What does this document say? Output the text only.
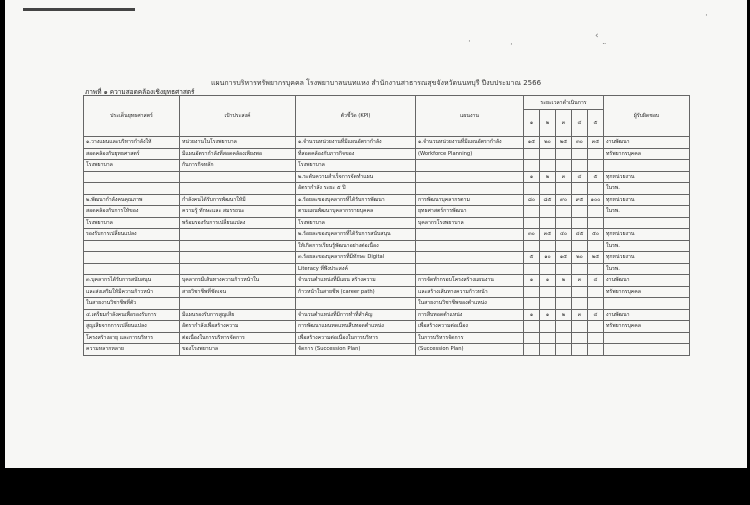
·	·
‹
¨
·
แผนการบริหารทรัพยากรบุคคล โรงพยาบาลนนทแหง สำนักงานสาธารณสุขจังหวัดนนทบุรี ปีงบประมาณ 2566
ภาพที่ ๑ ความสอดคล้องเชิงยุทธศาสตร์
ประเด็นยุทธศาสตร์	เป้าประสงค์	ตัวชี้วัด (KPI)	แผนงาน	ระยะเวลาดำเนินการ					ผู้รับผิดชอบ
				๑	๒	๓	๔	๕	
๑.วางแผนและบริหารกำลังให้	หน่วยงานในโรงพยาบาล	๑.จำนวนหน่วยงานที่มีแผนอัตรากำลัง	๑.จำนวนหน่วยงานที่มีแผนอัตรากำลัง	๑๕	๒๐	๒๕	๓๐	๓๕	งานพัฒนา
สอดคล้องกับยุทธศาสตร์	มีแผนอัตรากำลังที่สอดคล้องเพียงพอ	ที่สอดคล้องกับภารกิจของ	(Workforce Planning)						ทรัพยากรบุคคล
โรงพยาบาล	กับภารกิจหลัก	โรงพยาบาล							
		๒.ระดับความสำเร็จการจัดทำแผน		๑	๒	๓	๔	๕	ทุกหน่วยงาน
		อัตรากำลัง ระยะ ๕ ปี							ในรพ.
๒.พัฒนากำลังคนคุณภาพ	กำลังคนได้รับการพัฒนาให้มี	๑.ร้อยละของบุคลากรที่ได้รับการพัฒนา	การพัฒนาบุคลากรตาม	๘๐	๘๕	๙๐	๙๕	๑๐๐	ทุกหน่วยงาน
สอดคล้องกับการให้ของ	ความรู้ ทักษะและ สมรรถนะ	ตามแผนพัฒนาบุคลากรรายบุคคล	ยุทธศาสตร์การพัฒนา						ในรพ.
โรงพยาบาล	พร้อมรองรับการเปลี่ยนแปลง	โรงพยาบาล	บุคลากรโรงพยาบาล						
รองรับการเปลี่ยนแปลง		๒.ร้อยละของบุคลากรที่ได้รับการสนับสนุน		๓๐	๓๕	๔๐	๔๕	๕๐	ทุกหน่วยงาน
		ให้เกิดการเรียนรู้พัฒนาอย่างต่อเนื่อง							ในรพ.
		๓.ร้อยละของบุคลากรที่มีทักษะ Digital		๕	๑๐	๑๕	๒๐	๒๕	ทุกหน่วยงาน
		Literacy ที่พึงประสงค์							ในรพ.
๓.บุคลากรได้รับการสนับสนุน	บุคลากรมีเส้นทางความก้าวหน้าใน	จำนวนตำแหน่งที่มีแผน สร้างความ	การจัดทำกรอบโครงสร้างแผนงาน	๑	๑	๒	๓	๔	งานพัฒนา
และส่งเสริมให้มีความก้าวหน้า	สายวิชาชีพที่ชัดเจน	ก้าวหน้าในสายชีพ (career path)	และสร้างเส้นทางความก้าวหน้า						ทรัพยากรบุคคล
ในสายงานวิชาชีพที่ตัว			ในสายงานวิชาชีพของตำแหน่ง						
๔.เตรียมกำลังคนเพื่อรองรับการ	มีแผนรองรับการสูญเสีย	จำนวนตำแหน่งที่มีการทำที่สำคัญ	การสืบทอดตำแหน่ง	๑	๑	๒	๓	๔	งานพัฒนา
สูญเสียจากการเปลี่ยนแปลง	อัตรากำลังเพื่อสร้างความ	การพัฒนาแผนทดแทนสืบทอดตำแหน่ง	เพื่อสร้างความต่อเนื่อง						ทรัพยากรบุคคล
โครงสร้างอายุ และการบริหาร	ต่อเนื่องในการบริหารจัดการ	เพื่อสร้างความต่อเนื่องในการบริหาร	ในการบริหารจัดการ						
ความหลากหลาย	ของโรงพยาบาล	จัดการ (Succession Plan)	(Succession Plan)						
